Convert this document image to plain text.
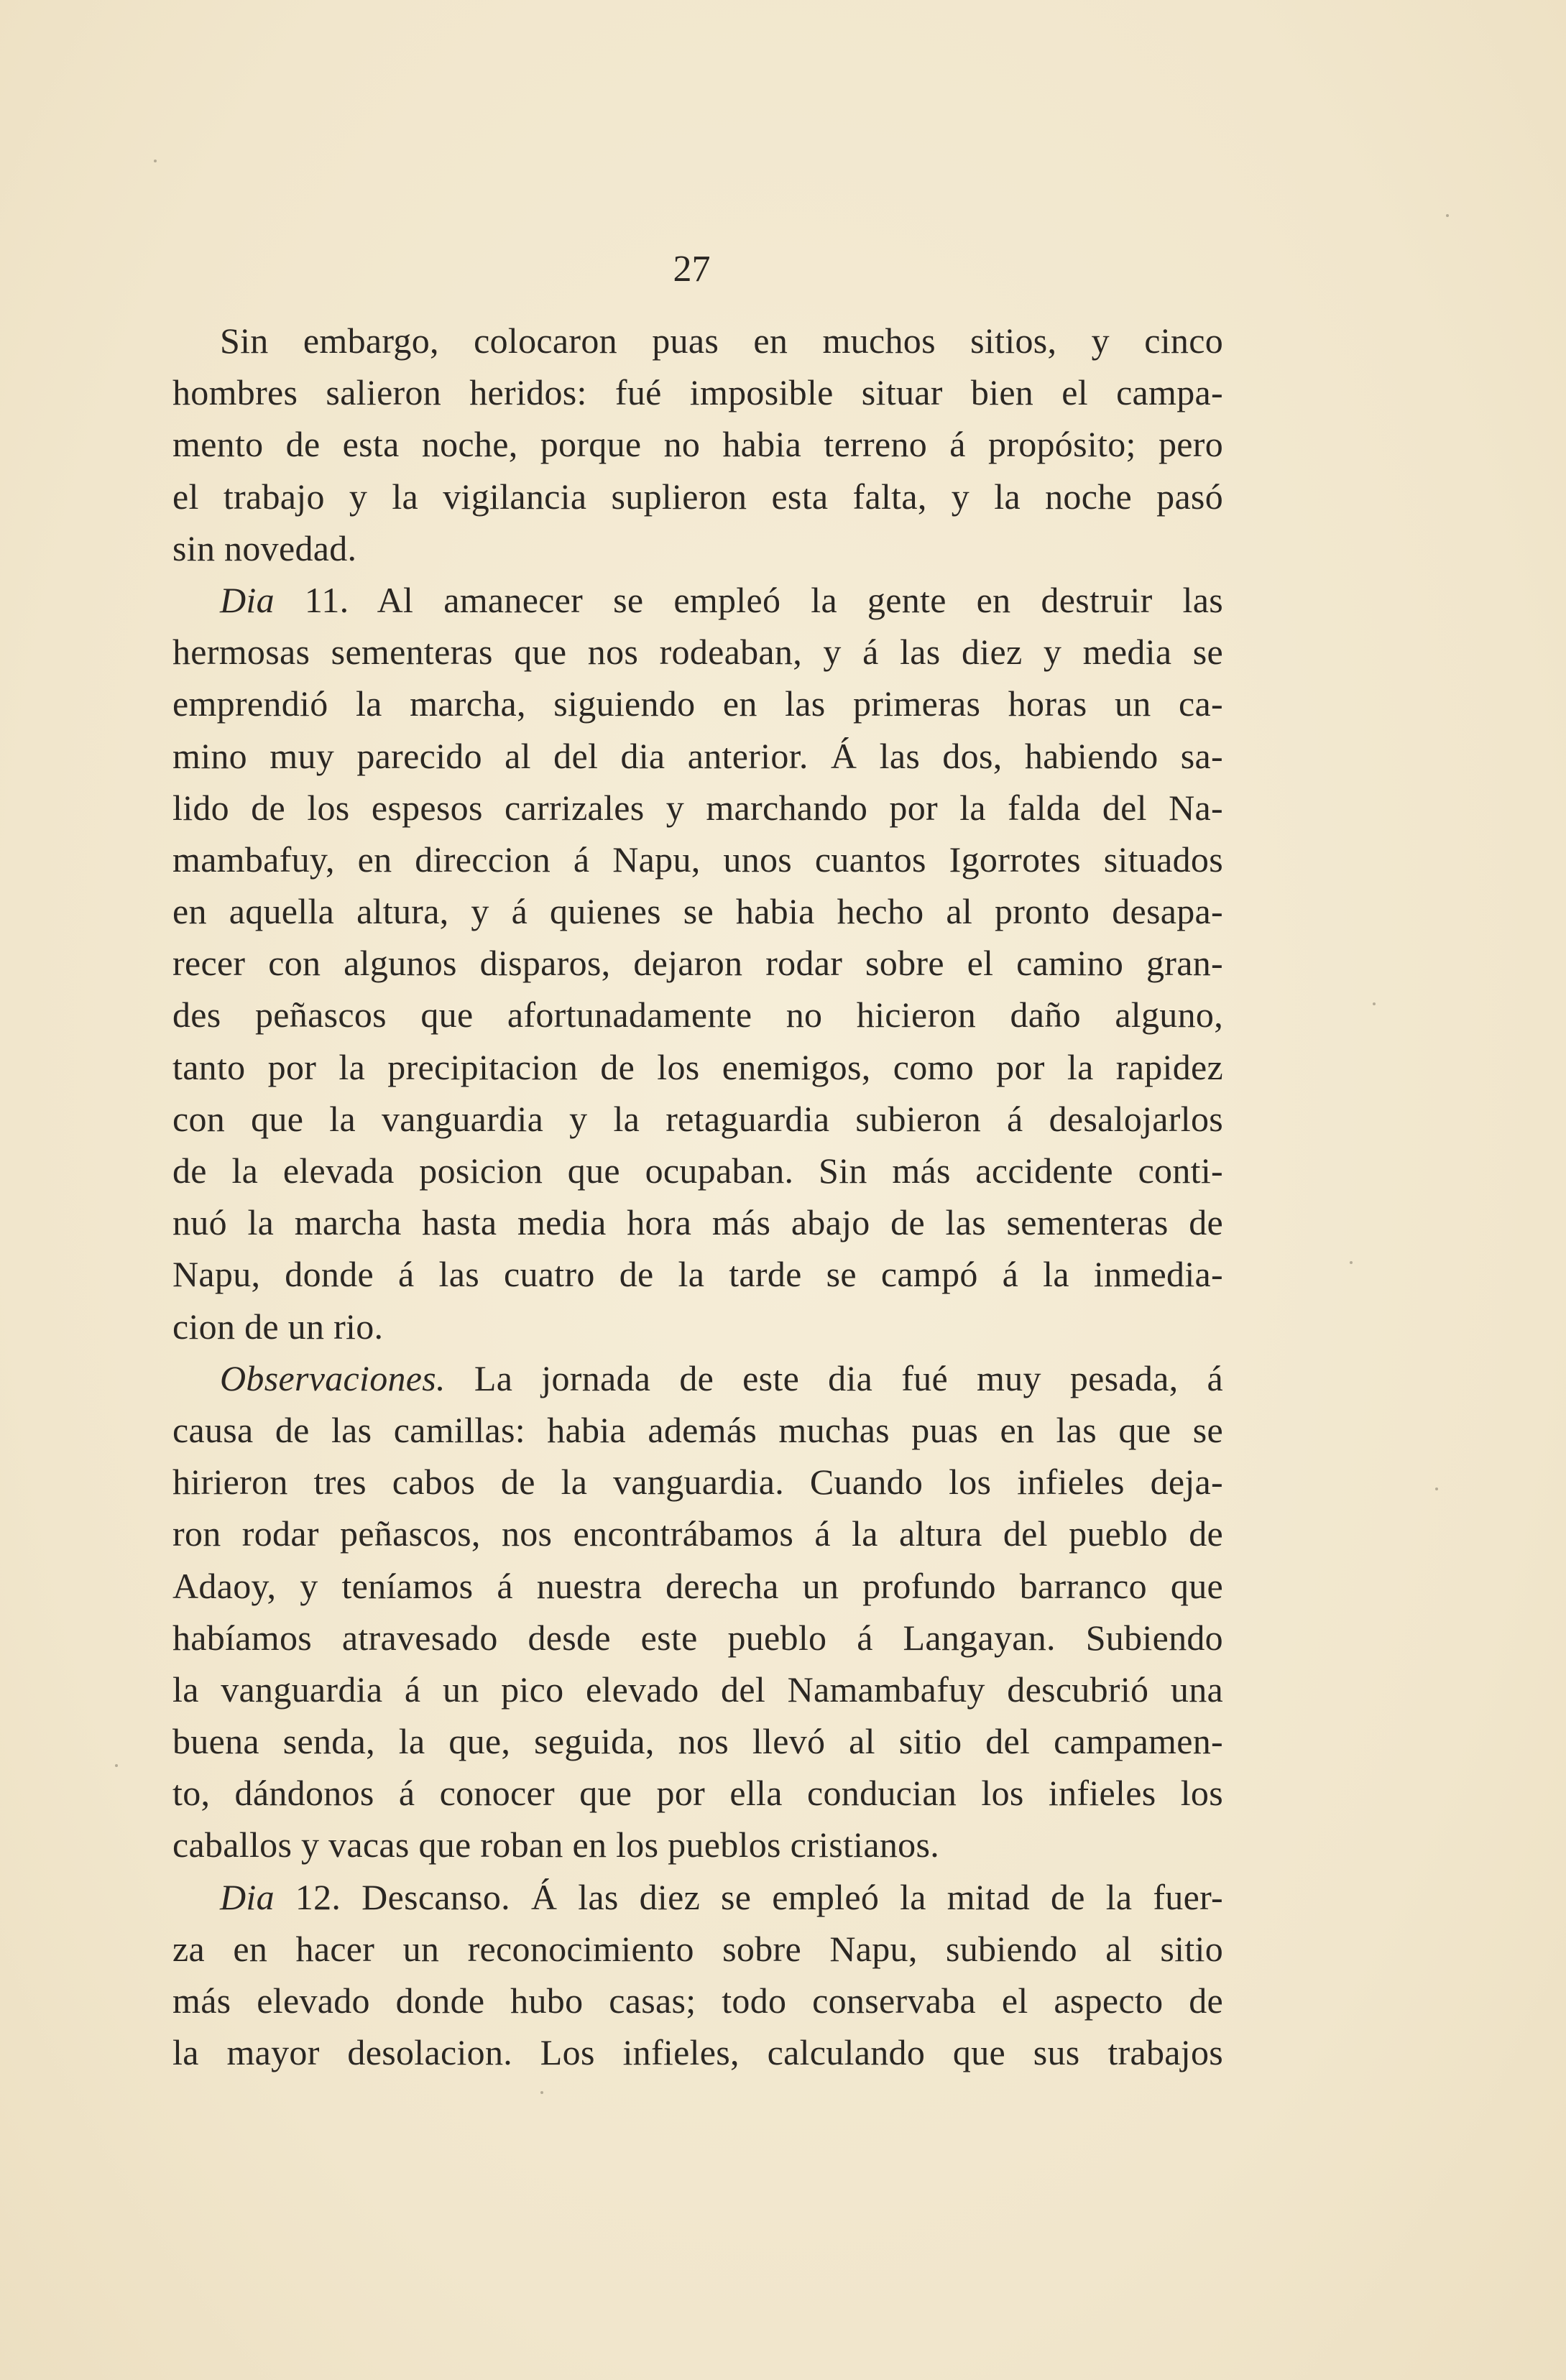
27
Sin embargo, colocaron puas en muchos sitios, y cinco
hombres salieron heridos: fué imposible situar bien el campa-
mento de esta noche, porque no habia terreno á propósito; pero
el trabajo y la vigilancia suplieron esta falta, y la noche pasó
sin novedad.
Dia 11. Al amanecer se empleó la gente en destruir las
hermosas sementeras que nos rodeaban, y á las diez y media se
emprendió la marcha, siguiendo en las primeras horas un ca-
mino muy parecido al del dia anterior. Á las dos, habiendo sa-
lido de los espesos carrizales y marchando por la falda del Na-
mambafuy, en direccion á Napu, unos cuantos Igorrotes situados
en aquella altura, y á quienes se habia hecho al pronto desapa-
recer con algunos disparos, dejaron rodar sobre el camino gran-
des peñascos que afortunadamente no hicieron daño alguno,
tanto por la precipitacion de los enemigos, como por la rapidez
con que la vanguardia y la retaguardia subieron á desalojarlos
de la elevada posicion que ocupaban. Sin más accidente conti-
nuó la marcha hasta media hora más abajo de las sementeras de
Napu, donde á las cuatro de la tarde se campó á la inmedia-
cion de un rio.
Observaciones. La jornada de este dia fué muy pesada, á
causa de las camillas: habia además muchas puas en las que se
hirieron tres cabos de la vanguardia. Cuando los infieles deja-
ron rodar peñascos, nos encontrábamos á la altura del pueblo de
Adaoy, y teníamos á nuestra derecha un profundo barranco que
habíamos atravesado desde este pueblo á Langayan. Subiendo
la vanguardia á un pico elevado del Namambafuy descubrió una
buena senda, la que, seguida, nos llevó al sitio del campamen-
to, dándonos á conocer que por ella conducian los infieles los
caballos y vacas que roban en los pueblos cristianos.
Dia 12. Descanso. Á las diez se empleó la mitad de la fuer-
za en hacer un reconocimiento sobre Napu, subiendo al sitio
más elevado donde hubo casas; todo conservaba el aspecto de
la mayor desolacion. Los infieles, calculando que sus trabajos
